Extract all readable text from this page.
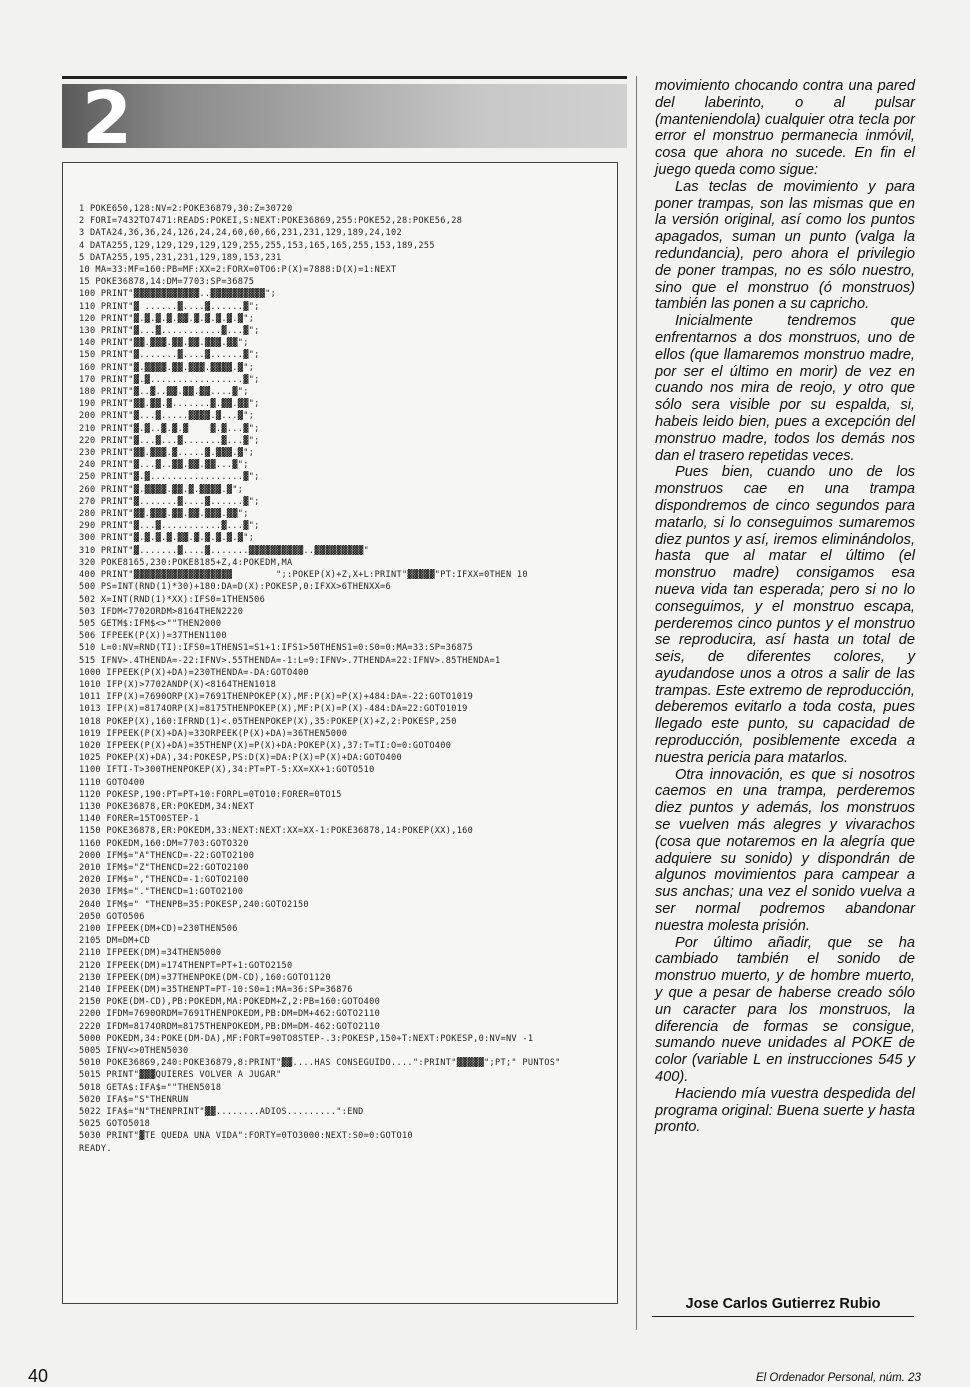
2
1 POKE650,128:NV=2:POKE36879,30:Z=30720
2 FORI=7432TO7471:READS:POKEI,S:NEXT:POKE36869,255:POKE52,28:POKE56,28
3 DATA24,36,36,24,126,24,24,60,60,66,231,231,129,189,24,102
4 DATA255,129,129,129,129,129,255,255,153,165,165,255,153,189,255
5 DATA255,195,231,231,129,189,153,231
10 MA=33:MF=160:PB=MF:XX=2:FORX=0TO6:P(X)=7888:D(X)=1:NEXT
15 POKE36878,14:DM=7703:SP=36875
100 PRINT"▓▓▓▓▓▓▓▓▓▓▓▓..▓▓▓▓▓▓▓▓▓▓";
110 PRINT"▓ ......▓....▓......▓";
120 PRINT"▓.▓.▓.▓.▓▓.▓.▓.▓.▓.▓";
130 PRINT"▓...▓...........▓...▓";
140 PRINT"▓▓.▓▓▓.▓▓.▓▓.▓▓▓.▓▓";
150 PRINT"▓.......▓....▓......▓";
160 PRINT"▓.▓▓▓▓.▓▓.▓▓▓.▓▓▓▓.▓";
170 PRINT"▓.▓.................▓";
180 PRINT"▓..▓..▓▓.▓▓.▓▓....▓";
190 PRINT"▓▓.▓▓.▓.......▓.▓▓.▓▓";
200 PRINT"▓...▓.....▓▓▓▓.▓...▓";
210 PRINT"▓.▓..▓.▓.▓    ▓.▓...▓";
220 PRINT"▓...▓...▓.......▓...▓";
230 PRINT"▓▓.▓▓▓.▓.....▓.▓▓▓.▓";
240 PRINT"▓...▓..▓▓.▓▓.▓▓...▓";
250 PRINT"▓.▓.................▓";
260 PRINT"▓.▓▓▓▓.▓▓.▓.▓▓▓▓.▓";
270 PRINT"▓.......▓....▓......▓";
280 PRINT"▓▓.▓▓▓.▓▓.▓▓.▓▓▓.▓▓";
290 PRINT"▓...▓...........▓...▓";
300 PRINT"▓.▓.▓.▓.▓▓.▓.▓.▓.▓.▓";
310 PRINT"▓.......▓....▓.......▓▓▓▓▓▓▓▓▓▓..▓▓▓▓▓▓▓▓▓"
320 POKE8165,230:POKE8185+Z,4:POKEDM,MA
400 PRINT"▓▓▓▓▓▓▓▓▓▓▓▓▓▓▓▓▓▓        ";:POKEP(X)+Z,X+L:PRINT"▓▓▓▓▓"PT:IFXX=0THEN 10
500 PS=INT(RND(1)*30)+180:DA=D(X):POKESP,0:IFXX>6THENXX=6
502 X=INT(RND(1)*XX):IFS0=1THEN506
503 IFDM<7702ORDM>8164THEN2220
505 GETM$:IFM$<>""THEN2000
506 IFPEEK(P(X))=37THEN1100
510 L=0:NV=RND(TI):IFS0=1THENS1=S1+1:IFS1>50THENS1=0:S0=0:MA=33:SP=36875
515 IFNV>.4THENDA=-22:IFNV>.55THENDA=-1:L=9:IFNV>.7THENDA=22:IFNV>.85THENDA=1
1000 IFPEEK(P(X)+DA)=230THENDA=-DA:GOTO400
1010 IFP(X)>7702ANDP(X)<8164THEN1018
1011 IFP(X)=7690ORP(X)=7691THENPOKEP(X),MF:P(X)=P(X)+484:DA=-22:GOTO1019
1013 IFP(X)=8174ORP(X)=8175THENPOKEP(X),MF:P(X)=P(X)-484:DA=22:GOTO1019
1018 POKEP(X),160:IFRND(1)<.05THENPOKEP(X),35:POKEP(X)+Z,2:POKESP,250
1019 IFPEEK(P(X)+DA)=33ORPEEK(P(X)+DA)=36THEN5000
1020 IFPEEK(P(X)+DA)=35THENP(X)=P(X)+DA:POKEP(X),37:T=TI:O=0:GOTO400
1025 POKEP(X)+DA),34:POKESP,PS:D(X)=DA:P(X)=P(X)+DA:GOTO400
1100 IFTI-T>300THENPOKEP(X),34:PT=PT-5:XX=XX+1:GOTO510
1110 GOTO400
1120 POKESP,190:PT=PT+10:FORPL=0TO10:FORER=0TO15
1130 POKE36878,ER:POKEDM,34:NEXT
1140 FORER=15TO0STEP-1
1150 POKE36878,ER:POKEDM,33:NEXT:NEXT:XX=XX-1:POKE36878,14:POKEP(XX),160
1160 POKEDM,160:DM=7703:GOTO320
2000 IFM$="A"THENCD=-22:GOTO2100
2010 IFM$="Z"THENCD=22:GOTO2100
2020 IFM$=","THENCD=-1:GOTO2100
2030 IFM$="."THENCD=1:GOTO2100
2040 IFM$=" "THENPB=35:POKESP,240:GOTO2150
2050 GOTO506
2100 IFPEEK(DM+CD)=230THEN506
2105 DM=DM+CD
2110 IFPEEK(DM)=34THEN5000
2120 IFPEEK(DM)=174THENPT=PT+1:GOTO2150
2130 IFPEEK(DM)=37THENPOKE(DM-CD),160:GOTO1120
2140 IFPEEK(DM)=35THENPT=PT-10:S0=1:MA=36:SP=36876
2150 POKE(DM-CD),PB:POKEDM,MA:POKEDM+Z,2:PB=160:GOTO400
2200 IFDM=7690ORDM=7691THENPOKEDM,PB:DM=DM+462:GOTO2110
2220 IFDM=8174ORDM=8175THENPOKEDM,PB:DM=DM-462:GOTO2110
5000 POKEDM,34:POKE(DM-DA),MF:FORT=90TO8STEP-.3:POKESP,150+T:NEXT:POKESP,0:NV=NV -1
5005 IFNV<>0THEN5030
5010 POKE36869,240:POKE36879,8:PRINT"▓▓....HAS CONSEGUIDO....":PRINT"▓▓▓▓▓";PT;" PUNTOS"
5015 PRINT"▓▓▓QUIERES VOLVER A JUGAR"
5018 GETA$:IFA$=""THEN5018
5020 IFA$="S"THENRUN
5022 IFA$="N"THENPRINT"▓▓........ADIOS.........":END
5025 GOTO5018
5030 PRINT"▓TE QUEDA UNA VIDA":FORTY=0TO3000:NEXT:S0=0:GOTO10
READY.

movimiento chocando contra una pared del laberinto, o al pulsar (manteniendola) cualquier otra tecla por error el monstruo permanecia inmóvil, cosa que ahora no sucede. En fin el juego queda como sigue:

Las teclas de movimiento y para poner trampas, son las mismas que en la versión original, así como los puntos apagados, suman un punto (valga la redundancia), pero ahora el privilegio de poner trampas, no es sólo nuestro, sino que el monstruo (ó monstruos) también las ponen a su capricho.

Inicialmente tendremos que enfrentarnos a dos monstruos, uno de ellos (que llamaremos monstruo madre, por ser el último en morir) de vez en cuando nos mira de reojo, y otro que sólo sera visible por su espalda, si, habeis leido bien, pues a excepción del monstruo madre, todos los demás nos dan el trasero repetidas veces.

Pues bien, cuando uno de los monstruos cae en una trampa dispondremos de cinco segundos para matarlo, si lo conseguimos sumaremos diez puntos y así, iremos eliminándolos, hasta que al matar el último (el monstruo madre) consigamos esa nueva vida tan esperada; pero si no lo conseguimos, y el monstruo escapa, perderemos cinco puntos y el monstruo se reproducira, así hasta un total de seis, de diferentes colores, y ayudandose unos a otros a salir de las trampas. Este extremo de reproducción, deberemos evitarlo a toda costa, pues llegado este punto, su capacidad de reproducción, posiblemente exceda a nuestra pericia para matarlos.

Otra innovación, es que si nosotros caemos en una trampa, perderemos diez puntos y además, los monstruos se vuelven más alegres y vivarachos (cosa que notaremos en la alegría que adquiere su sonido) y dispondrán de algunos movimientos para campear a sus anchas; una vez el sonido vuelva a ser normal podremos abandonar nuestra molesta prisión.

Por último añadir, que se ha cambiado también el sonido de monstruo muerto, y de hombre muerto, y que a pesar de haberse creado sólo un caracter para los monstruos, la diferencia de formas se consigue, sumando nueve unidades al POKE de color (variable L en instrucciones 545 y 400).

Haciendo mía vuestra despedida del programa original: Buena suerte y hasta pronto.

Jose Carlos Gutierrez Rubio
40	El Ordenador Personal, núm. 23
